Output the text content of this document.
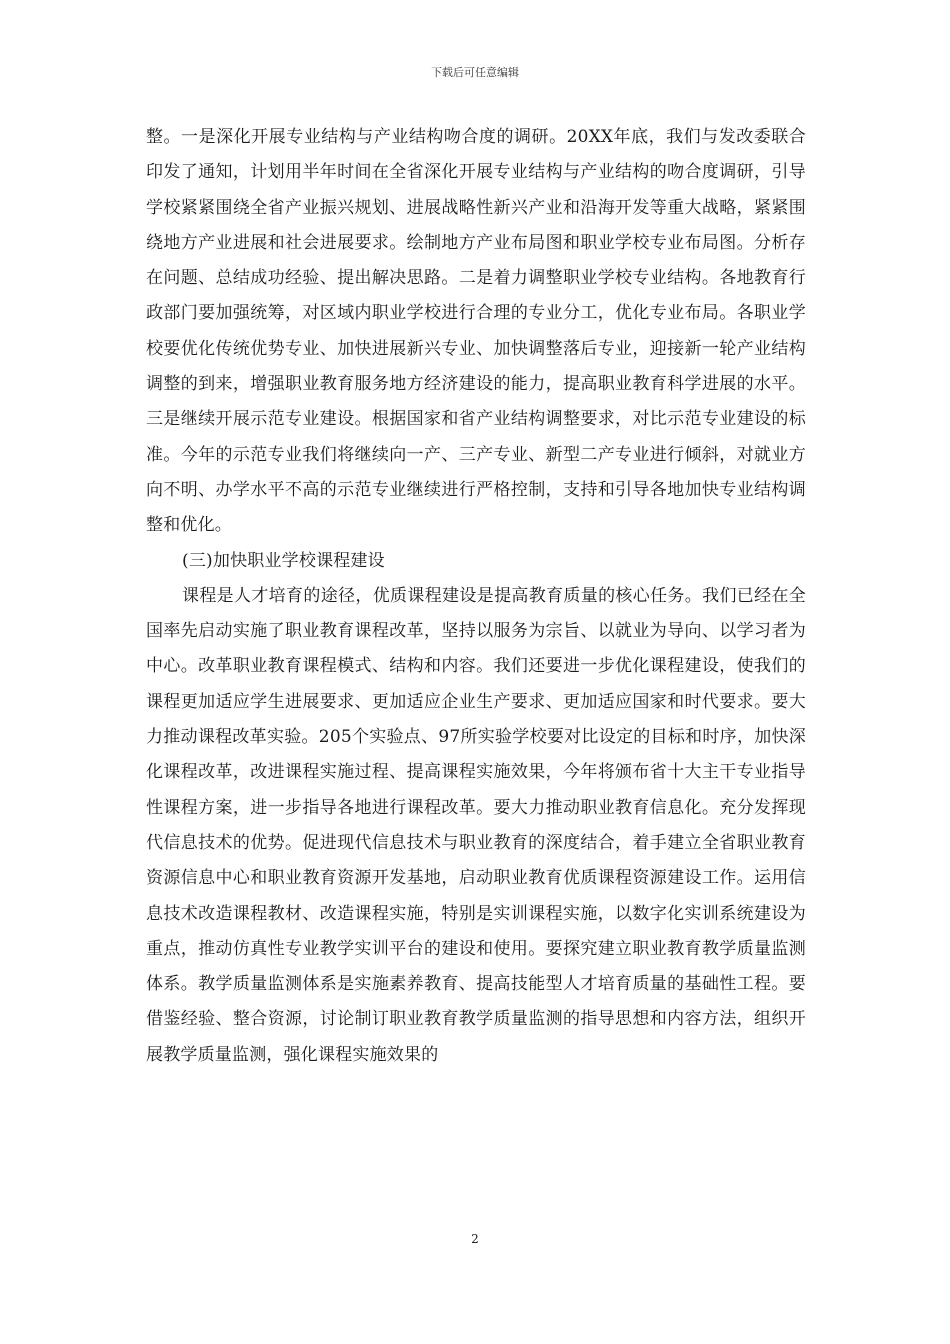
下载后可任意编辑

整。一是深化开展专业结构与产业结构吻合度的调研。20XX年底，我们与发改委联合印发了通知，计划用半年时间在全省深化开展专业结构与产业结构的吻合度调研，引导学校紧紧围绕全省产业振兴规划、进展战略性新兴产业和沿海开发等重大战略，紧紧围绕地方产业进展和社会进展要求。绘制地方产业布局图和职业学校专业布局图。分析存在问题、总结成功经验、提出解决思路。二是着力调整职业学校专业结构。各地教育行政部门要加强统筹，对区域内职业学校进行合理的专业分工，优化专业布局。各职业学校要优化传统优势专业、加快进展新兴专业、加快调整落后专业，迎接新一轮产业结构调整的到来，增强职业教育服务地方经济建设的能力，提高职业教育科学进展的水平。三是继续开展示范专业建设。根据国家和省产业结构调整要求，对比示范专业建设的标准。今年的示范专业我们将继续向一产、三产专业、新型二产专业进行倾斜，对就业方向不明、办学水平不高的示范专业继续进行严格控制，支持和引导各地加快专业结构调整和优化。

(三)加快职业学校课程建设

课程是人才培育的途径，优质课程建设是提高教育质量的核心任务。我们已经在全国率先启动实施了职业教育课程改革，坚持以服务为宗旨、以就业为导向、以学习者为中心。改革职业教育课程模式、结构和内容。我们还要进一步优化课程建设，使我们的课程更加适应学生进展要求、更加适应企业生产要求、更加适应国家和时代要求。要大力推动课程改革实验。205个实验点、97所实验学校要对比设定的目标和时序，加快深化课程改革，改进课程实施过程、提高课程实施效果，今年将颁布省十大主干专业指导性课程方案，进一步指导各地进行课程改革。要大力推动职业教育信息化。充分发挥现代信息技术的优势。促进现代信息技术与职业教育的深度结合，着手建立全省职业教育资源信息中心和职业教育资源开发基地，启动职业教育优质课程资源建设工作。运用信息技术改造课程教材、改造课程实施，特别是实训课程实施，以数字化实训系统建设为重点，推动仿真性专业教学实训平台的建设和使用。要探究建立职业教育教学质量监测体系。教学质量监测体系是实施素养教育、提高技能型人才培育质量的基础性工程。要借鉴经验、整合资源，讨论制订职业教育教学质量监测的指导思想和内容方法，组织开展教学质量监测，强化课程实施效果的

2
